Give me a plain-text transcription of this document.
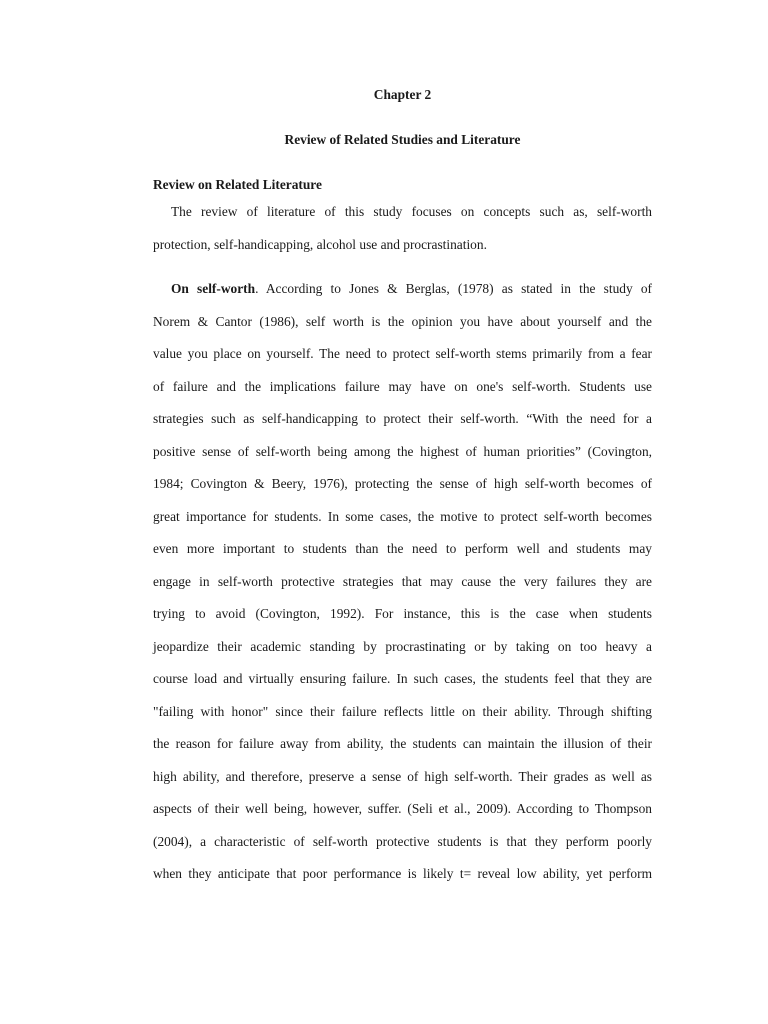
Chapter 2
Review of Related Studies and Literature
Review on Related Literature
The review of literature of this study focuses on concepts such as, self-worth
protection, self-handicapping, alcohol use and procrastination.
On self-worth. According to Jones & Berglas, (1978) as stated in the study of
Norem & Cantor (1986), self worth is the opinion you have about yourself and the
value you place on yourself. The need to protect self-worth stems primarily from a fear
of failure and the implications failure may have on one's self-worth. Students use
strategies such as self-handicapping to protect their self-worth. “With the need for a
positive sense of self-worth being among the highest of human priorities” (Covington,
1984; Covington & Beery, 1976), protecting the sense of high self-worth becomes of
great importance for students. In some cases, the motive to protect self-worth becomes
even more important to students than the need to perform well and students may
engage in self-worth protective strategies that may cause the very failures they are
trying to avoid (Covington, 1992). For instance, this is the case when students
jeopardize their academic standing by procrastinating or by taking on too heavy a
course load and virtually ensuring failure. In such cases, the students feel that they are
"failing with honor" since their failure reflects little on their ability. Through shifting
the reason for failure away from ability, the students can maintain the illusion of their
high ability, and therefore, preserve a sense of high self-worth. Their grades as well as
aspects of their well being, however, suffer. (Seli et al., 2009). According to Thompson
(2004), a characteristic of self-worth protective students is that they perform poorly
when they anticipate that poor performance is likely t= reveal low ability, yet perform
